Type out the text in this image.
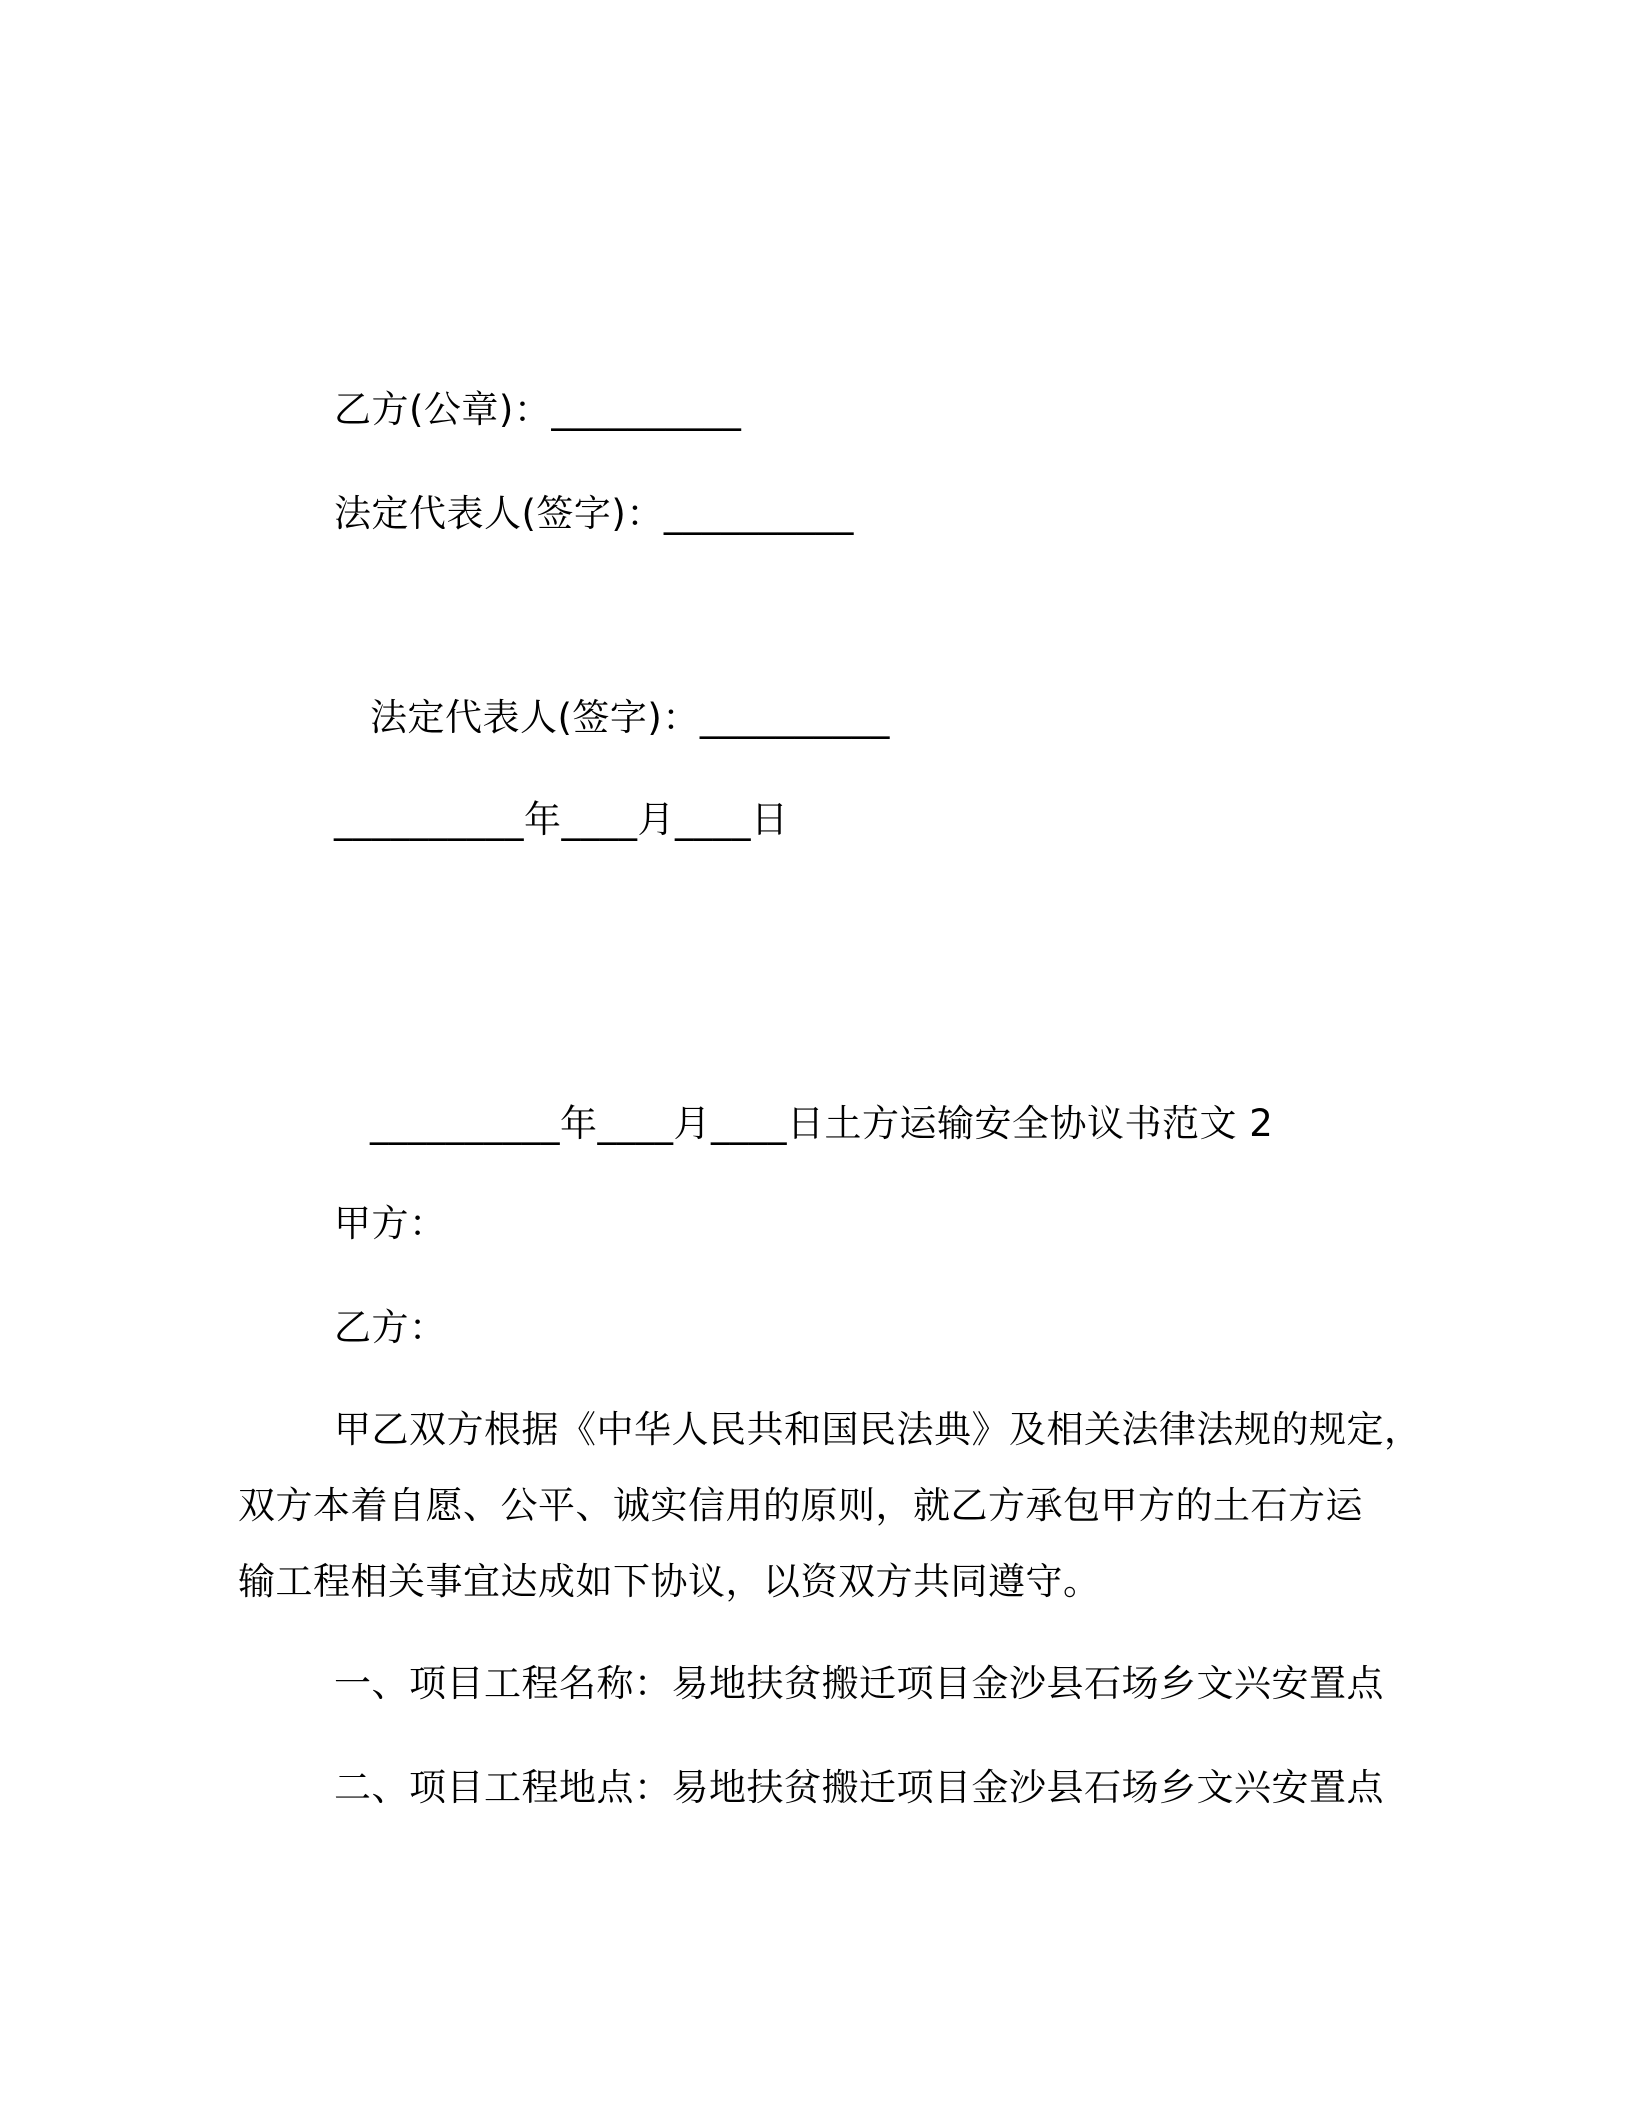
乙方(公章)：__________
法定代表人(签字)：__________
法定代表人(签字)：__________
__________年____月____日
__________年____月____日土方运输安全协议书范文 2
甲方：
乙方：
甲乙双方根据《中华人民共和国民法典》及相关法律法规的规定，
双方本着自愿、公平、诚实信用的原则，就乙方承包甲方的土石方运
输工程相关事宜达成如下协议，以资双方共同遵守。
一、项目工程名称：易地扶贫搬迁项目金沙县石场乡文兴安置点
二、项目工程地点：易地扶贫搬迁项目金沙县石场乡文兴安置点
